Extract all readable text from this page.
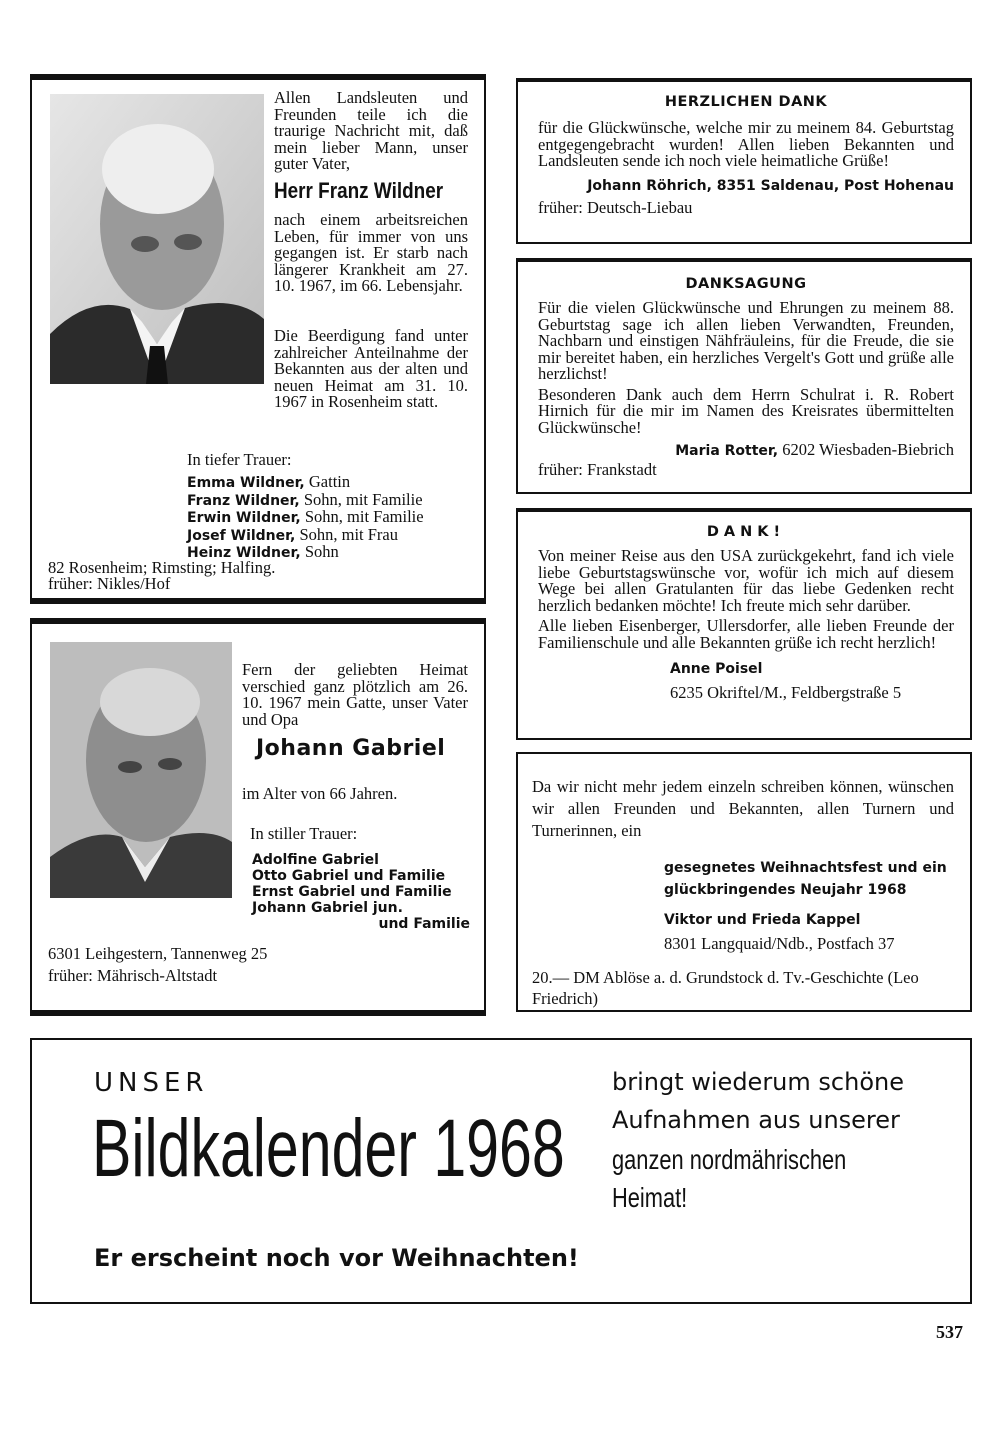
Allen Landsleuten und Freunden teile ich die traurige Nachricht mit, daß mein lieber Mann, unser guter Vater,
Herr Franz Wildner
nach einem arbeitsreichen Leben, für immer von uns gegangen ist. Er starb nach längerer Krankheit am 27. 10. 1967, im 66. Lebensjahr.
Die Beerdigung fand unter zahlreicher Anteilnahme der Bekannten aus der alten und neuen Heimat am 31. 10. 1967 in Rosenheim statt.
In tiefer Trauer:
Emma Wildner, Gattin
Franz Wildner, Sohn, mit Familie
Erwin Wildner, Sohn, mit Familie
Josef Wildner, Sohn, mit Frau
Heinz Wildner, Sohn
82 Rosenheim; Rimsting; Halfing.
früher: Nikles/Hof
Fern der geliebten Heimat verschied ganz plötzlich am 26. 10. 1967 mein Gatte, unser Vater und Opa
Johann Gabriel
im Alter von 66 Jahren.
In stiller Trauer:
Adolfine Gabriel
Otto Gabriel und Familie
Ernst Gabriel und Familie
Johann Gabriel jun.
und Familie
6301 Leihgestern, Tannenweg 25
früher: Mährisch-Altstadt
HERZLICHEN DANK
für die Glückwünsche, welche mir zu meinem 84. Geburtstag entgegengebracht wurden! Allen lieben Bekannten und Landsleuten sende ich noch viele heimatliche Grüße!
Johann Röhrich, 8351 Saldenau, Post Hohenau
früher: Deutsch-Liebau
DANKSAGUNG
Für die vielen Glückwünsche und Ehrungen zu meinem 88. Geburtstag sage ich allen lieben Verwandten, Freunden, Nachbarn und einstigen Nähfräuleins, für die Freude, die sie mir bereitet haben, ein herzliches Vergelt's Gott und grüße alle herzlichst!
Besonderen Dank auch dem Herrn Schulrat i. R. Robert Hirnich für die mir im Namen des Kreisrates übermittelten Glückwünsche!
Maria Rotter, 6202 Wiesbaden-Biebrich
früher: Frankstadt
DANK!
Von meiner Reise aus den USA zurückgekehrt, fand ich viele liebe Geburtstagswünsche vor, wofür ich mich auf diesem Wege bei allen Gratulanten für das liebe Gedenken recht herzlich bedanken möchte! Ich freute mich sehr darüber.
Alle lieben Eisenberger, Ullersdorfer, alle lieben Freunde der Familienschule und alle Bekannten grüße ich recht herzlich!
Anne Poisel
6235 Okriftel/M., Feldbergstraße 5
Da wir nicht mehr jedem einzeln schreiben können, wünschen wir allen Freunden und Bekannten, allen Turnern und Turnerinnen, ein
gesegnetes Weihnachtsfest und ein
glückbringendes Neujahr 1968
Viktor und Frieda Kappel
8301 Langquaid/Ndb., Postfach 37
20.— DM Ablöse a. d. Grundstock d. Tv.-Geschichte (Leo Friedrich)
UNSER
Bildkalender 1968
bringt wiederum schöne
Aufnahmen aus unserer
ganzen nordmährischen
Heimat!
Er erscheint noch vor Weihnachten!
537
